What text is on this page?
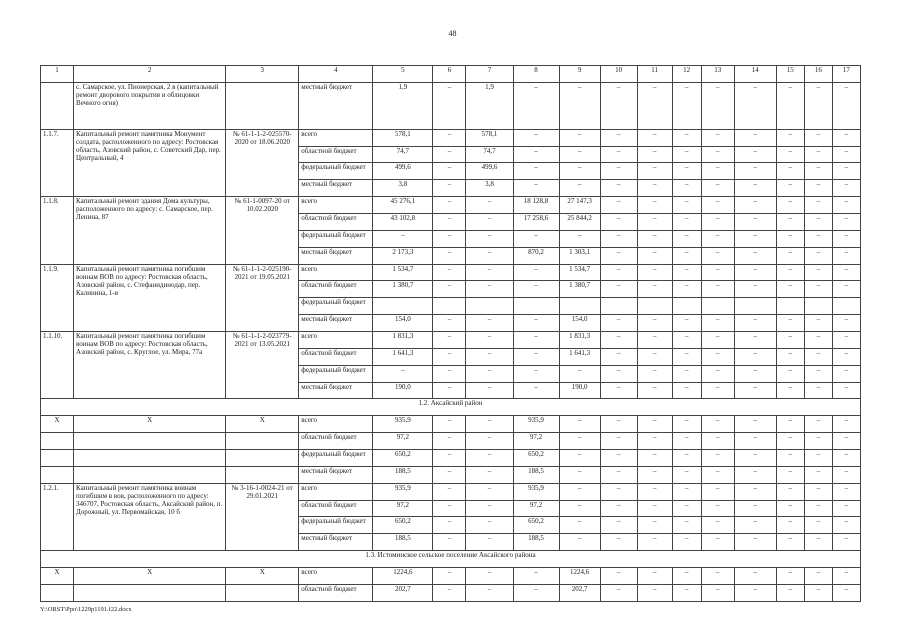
48
1	2	3	4	5	6	7	8	9	10	11	12	13	14	15	16	17
	с. Самарское, ул. Пионерская, 2 в (капитальный ремонт дворового покрытия и облицовки Вечного огня)		местный бюджет	1,9	–	1,9	–	–	–	–	–	–	–	–	–	–
1.1.7.	Капитальный ремонт памятника Монумент солдата, расположенного по адресу: Ростовская область, Азовский район, с. Советский Дар, пер. Центральный, 4	№ 61-1-1-2-025570-2020 от 18.06.2020	всего	578,1	–	578,1	–	–	–	–	–	–	–	–	–	–
			областной бюджет	74,7	–	74,7	–	–	–	–	–	–	–	–	–	–
			федеральный бюджет	499,6	–	499,6	–	–	–	–	–	–	–	–	–	–
			местный бюджет	3,8	–	3,8	–	–	–	–	–	–	–	–	–	–
1.1.8.	Капитальный ремонт здания Дома культуры, расположенного по адресу: с. Самарское, пер. Ленина, 87	№ 61-1-0097-20 от 10.02.2020	всего	45 276,1	–	–	18 128,8	27 147,3	–	–	–	–	–	–	–	–
			областной бюджет	43 102,8	–	–	17 258,6	25 844,2	–	–	–	–	–	–	–	–
			федеральный бюджет	–	–	–	–	–	–	–	–	–	–	–	–	–
			местный бюджет	2 173,3	–	–	870,2	1 303,1	–	–	–	–	–	–	–	–
1.1.9.	Капитальный ремонт памятника погибшим воинам ВОВ по адресу: Ростовская область, Азовский район, с. Стефанидинодар, пер. Калинина, 1-в	№ 61-1-1-2-025190-2021 от 19.05.2021	всего	1 534,7	–	–	–	1 534,7	–	–	–	–	–	–	–	–
			областной бюджет	1 380,7	–	–	–	1 380,7	–	–	–	–	–	–	–	–
			федеральный бюджет													
			местный бюджет	154,0	–	–	–	154,0	–	–	–	–	–	–	–	–
1.1.10.	Капитальный ремонт памятника погибшим воинам ВОВ по адресу: Ростовская область, Азовский район, с. Круглое, ул. Мира, 77а	№ 61-1-1-2-023779-2021 от 13.05.2021	всего	1 831,3	–	–	–	1 831,3	–	–	–	–	–	–	–	–
			областной бюджет	1 641,3	–	–	–	1 641,3	–	–	–	–	–	–	–	–
			федеральный бюджет	–	–	–	–	–	–	–	–	–	–	–	–	–
			местный бюджет	190,0	–	–	–	190,0	–	–	–	–	–	–	–	–
1.2. Аксайский район																
Х	Х	Х	всего	935,9	–	–	935,9	–	–	–	–	–	–	–	–	–
			областной бюджет	97,2	–	–	97,2	–	–	–	–	–	–	–	–	–
			федеральный бюджет	650,2	–	–	650,2	–	–	–	–	–	–	–	–	–
			местный бюджет	188,5	–	–	188,5	–	–	–	–	–	–	–	–	–
1.2.1.	Капитальный ремонт памятника воинам погибшим в вов, расположенного по адресу: 346707, Ростовская область, Аксайский район, п. Дорожный, ул. Первомайская, 10 б	№ 3-16-1-0024-21 от 29.01.2021	всего	935,9	–	–	935,9	–	–	–	–	–	–	–	–	–
			областной бюджет	97,2	–	–	97,2	–	–	–	–	–	–	–	–	–
			федеральный бюджет	650,2	–	–	650,2	–	–	–	–	–	–	–	–	–
			местный бюджет	188,5	–	–	188,5	–	–	–	–	–	–	–	–	–
1.3. Истоминское сельское поселение Аксайского района																
Х	Х	Х	всего	1224,6	–	–	–	1224,6	–	–	–	–	–	–	–	–
			областной бюджет	202,7	–	–	–	202,7	–	–	–	–	–	–	–	–
Y:\ORST\Ppo\1229p1191.f22.docx
